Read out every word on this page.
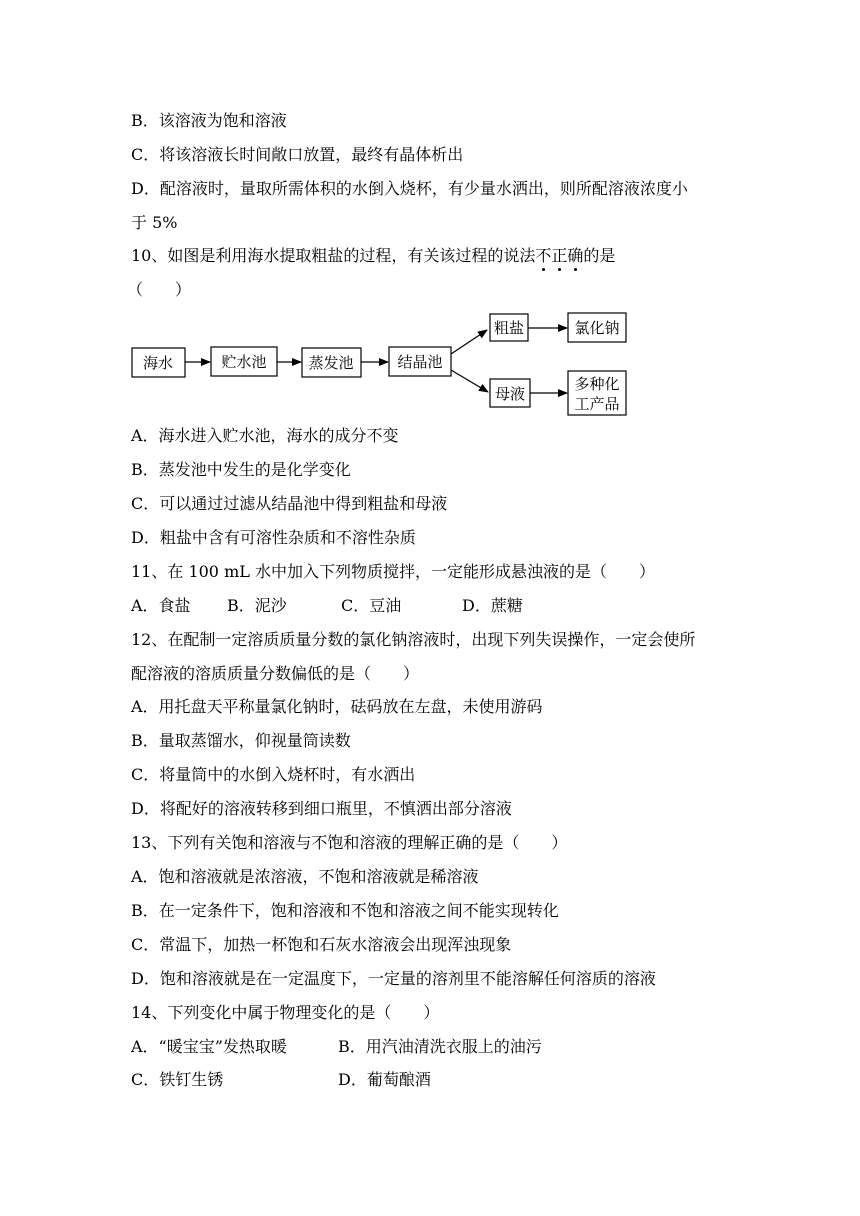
B．该溶液为饱和溶液
C．将该溶液长时间敞口放置，最终有晶体析出
D．配溶液时，量取所需体积的水倒入烧杯，有少量水洒出，则所配溶液浓度小
于 5%
10、如图是利用海水提取粗盐的过程，有关该过程的说法不正确的是
（　　）
海水	贮水池	蒸发池	结晶池
粗盐	氯化钠
母液
多种化
工产品
A．海水进入贮水池，海水的成分不变
B．蒸发池中发生的是化学变化
C．可以通过过滤从结晶池中得到粗盐和母液
D．粗盐中含有可溶性杂质和不溶性杂质
11、在 100 mL 水中加入下列物质搅拌，一定能形成悬浊液的是（　　）
A．食盐 B．泥沙	C．豆油	D．蔗糖
12、在配制一定溶质质量分数的氯化钠溶液时，出现下列失误操作，一定会使所
配溶液的溶质质量分数偏低的是（　　）
A．用托盘天平称量氯化钠时，砝码放在左盘，未使用游码
B．量取蒸馏水，仰视量筒读数
C．将量筒中的水倒入烧杯时，有水洒出
D．将配好的溶液转移到细口瓶里，不慎洒出部分溶液
13、下列有关饱和溶液与不饱和溶液的理解正确的是（　　）
A．饱和溶液就是浓溶液，不饱和溶液就是稀溶液
B．在一定条件下，饱和溶液和不饱和溶液之间不能实现转化
C．常温下，加热一杯饱和石灰水溶液会出现浑浊现象
D．饱和溶液就是在一定温度下，一定量的溶剂里不能溶解任何溶质的溶液
14、下列变化中属于物理变化的是（　　）
A．“暖宝宝”发热取暖	B．用汽油清洗衣服上的油污
C．铁钉生锈	D．葡萄酿酒
